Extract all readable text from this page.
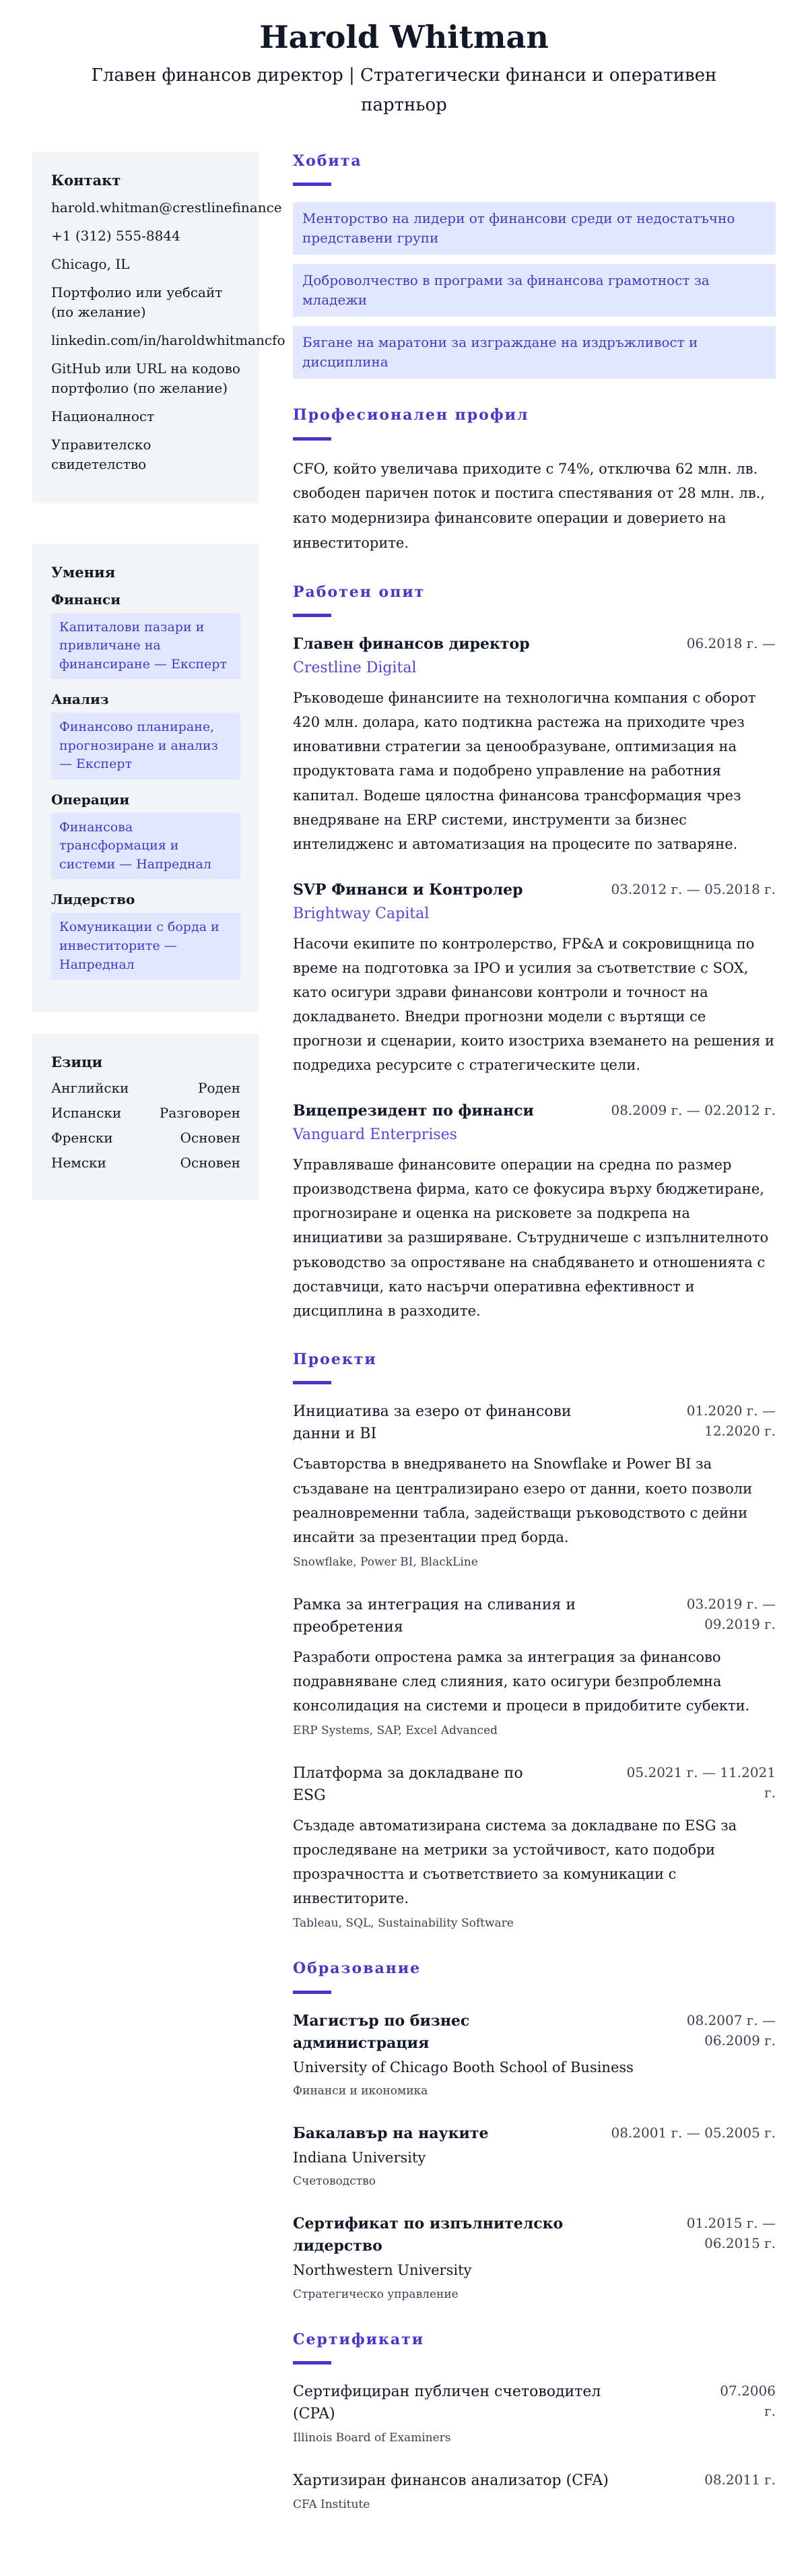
Harold Whitman
Главен финансов директор | Стратегически финанси и оперативен партньор
Контакт
harold.whitman@crestlinefinance
+1 (312) 555-8844
Chicago, IL
Портфолио или уебсайт (по желание)
linkedin.com/in/haroldwhitmancfo
GitHub или URL на кодово портфолио (по желание)
Националност
Управителско свидетелство
Умения
Финанси
Капиталови пазари и привличане на финансиране — Експерт
Анализ
Финансово планиране, прогнозиране и анализ — Експерт
Операции
Финансова трансформация и системи — Напреднал
Лидерство
Комуникации с борда и инвеститорите — Напреднал
Езици
Английски	Роден
Испански	Разговорен
Френски	Основен
Немски	Основен
Хобита
Менторство на лидери от финансови среди от недостатъчно представени групи
Доброволчество в програми за финансова грамотност за младежи
Бягане на маратони за изграждане на издръжливост и дисциплина
Професионален профил

CFO, който увеличава приходите с 74%, отключва 62 млн. лв. свободен паричен поток и постига спестявания от 28 млн. лв., като модернизира финансовите операции и доверието на инвеститорите.

Работен опит
Главен финансов директор	06.2018 г. —
Crestline Digital

Ръководеше финансиите на технологична компания с оборот 420 млн. долара, като подтикна растежа на приходите чрез иновативни стратегии за ценообразуване, оптимизация на продуктовата гама и подобрено управление на работния капитал. Водеше цялостна финансова трансформация чрез внедряване на ERP системи, инструменти за бизнес интелидженс и автоматизация на процесите по затваряне.

SVP Финанси и Контролер	03.2012 г. — 05.2018 г.
Brightway Capital

Насочи екипите по контролерство, FP&A и сокровищница по време на подготовка за IPO и усилия за съответствие с SOX, като осигури здрави финансови контроли и точност на докладването. Внедри прогнозни модели с въртящи се прогнози и сценарии, които изостриха вземането на решения и подредиха ресурсите с стратегическите цели.

Вицепрезидент по финанси	08.2009 г. — 02.2012 г.
Vanguard Enterprises

Управляваше финансовите операции на средна по размер производствена фирма, като се фокусира върху бюджетиране, прогнозиране и оценка на рисковете за подкрепа на инициативи за разширяване. Сътрудничеше с изпълнителното ръководство за опростяване на снабдяването и отношенията с доставчици, като насърчи оперативна ефективност и дисциплина в разходите.

Проекти
Инициатива за езеро от финансови данни и BI
01.2020 г. — 12.2020 г.

Съавторства в внедряването на Snowflake и Power BI за създаване на централизирано езеро от данни, което позволи реалновременни табла, задействащи ръководството с дейни инсайти за презентации пред борда.

Snowflake, Power BI, BlackLine
Рамка за интеграция на сливания и преобретения
03.2019 г. — 09.2019 г.

Разработи опростена рамка за интеграция за финансово подравняване след слияния, като осигури безпроблемна консолидация на системи и процеси в придобитите субекти.

ERP Systems, SAP, Excel Advanced
Платформа за докладване по ESG
05.2021 г. — 11.2021 г.

Създаде автоматизирана система за докладване по ESG за проследяване на метрики за устойчивост, като подобри прозрачността и съответствието за комуникации с инвеститорите.

Tableau, SQL, Sustainability Software
Образование
Магистър по бизнес администрация
08.2007 г. — 06.2009 г.
University of Chicago Booth School of Business
Финанси и икономика
Бакалавър на науките	08.2001 г. — 05.2005 г.
Indiana University
Счетоводство
Сертификат по изпълнителско лидерство
01.2015 г. — 06.2015 г.
Northwestern University
Стратегическо управление
Сертификати
Сертифициран публичен счетоводител (CPA)
07.2006 г.
Illinois Board of Examiners
Хартизиран финансов анализатор (CFA)	08.2011 г.
CFA Institute
